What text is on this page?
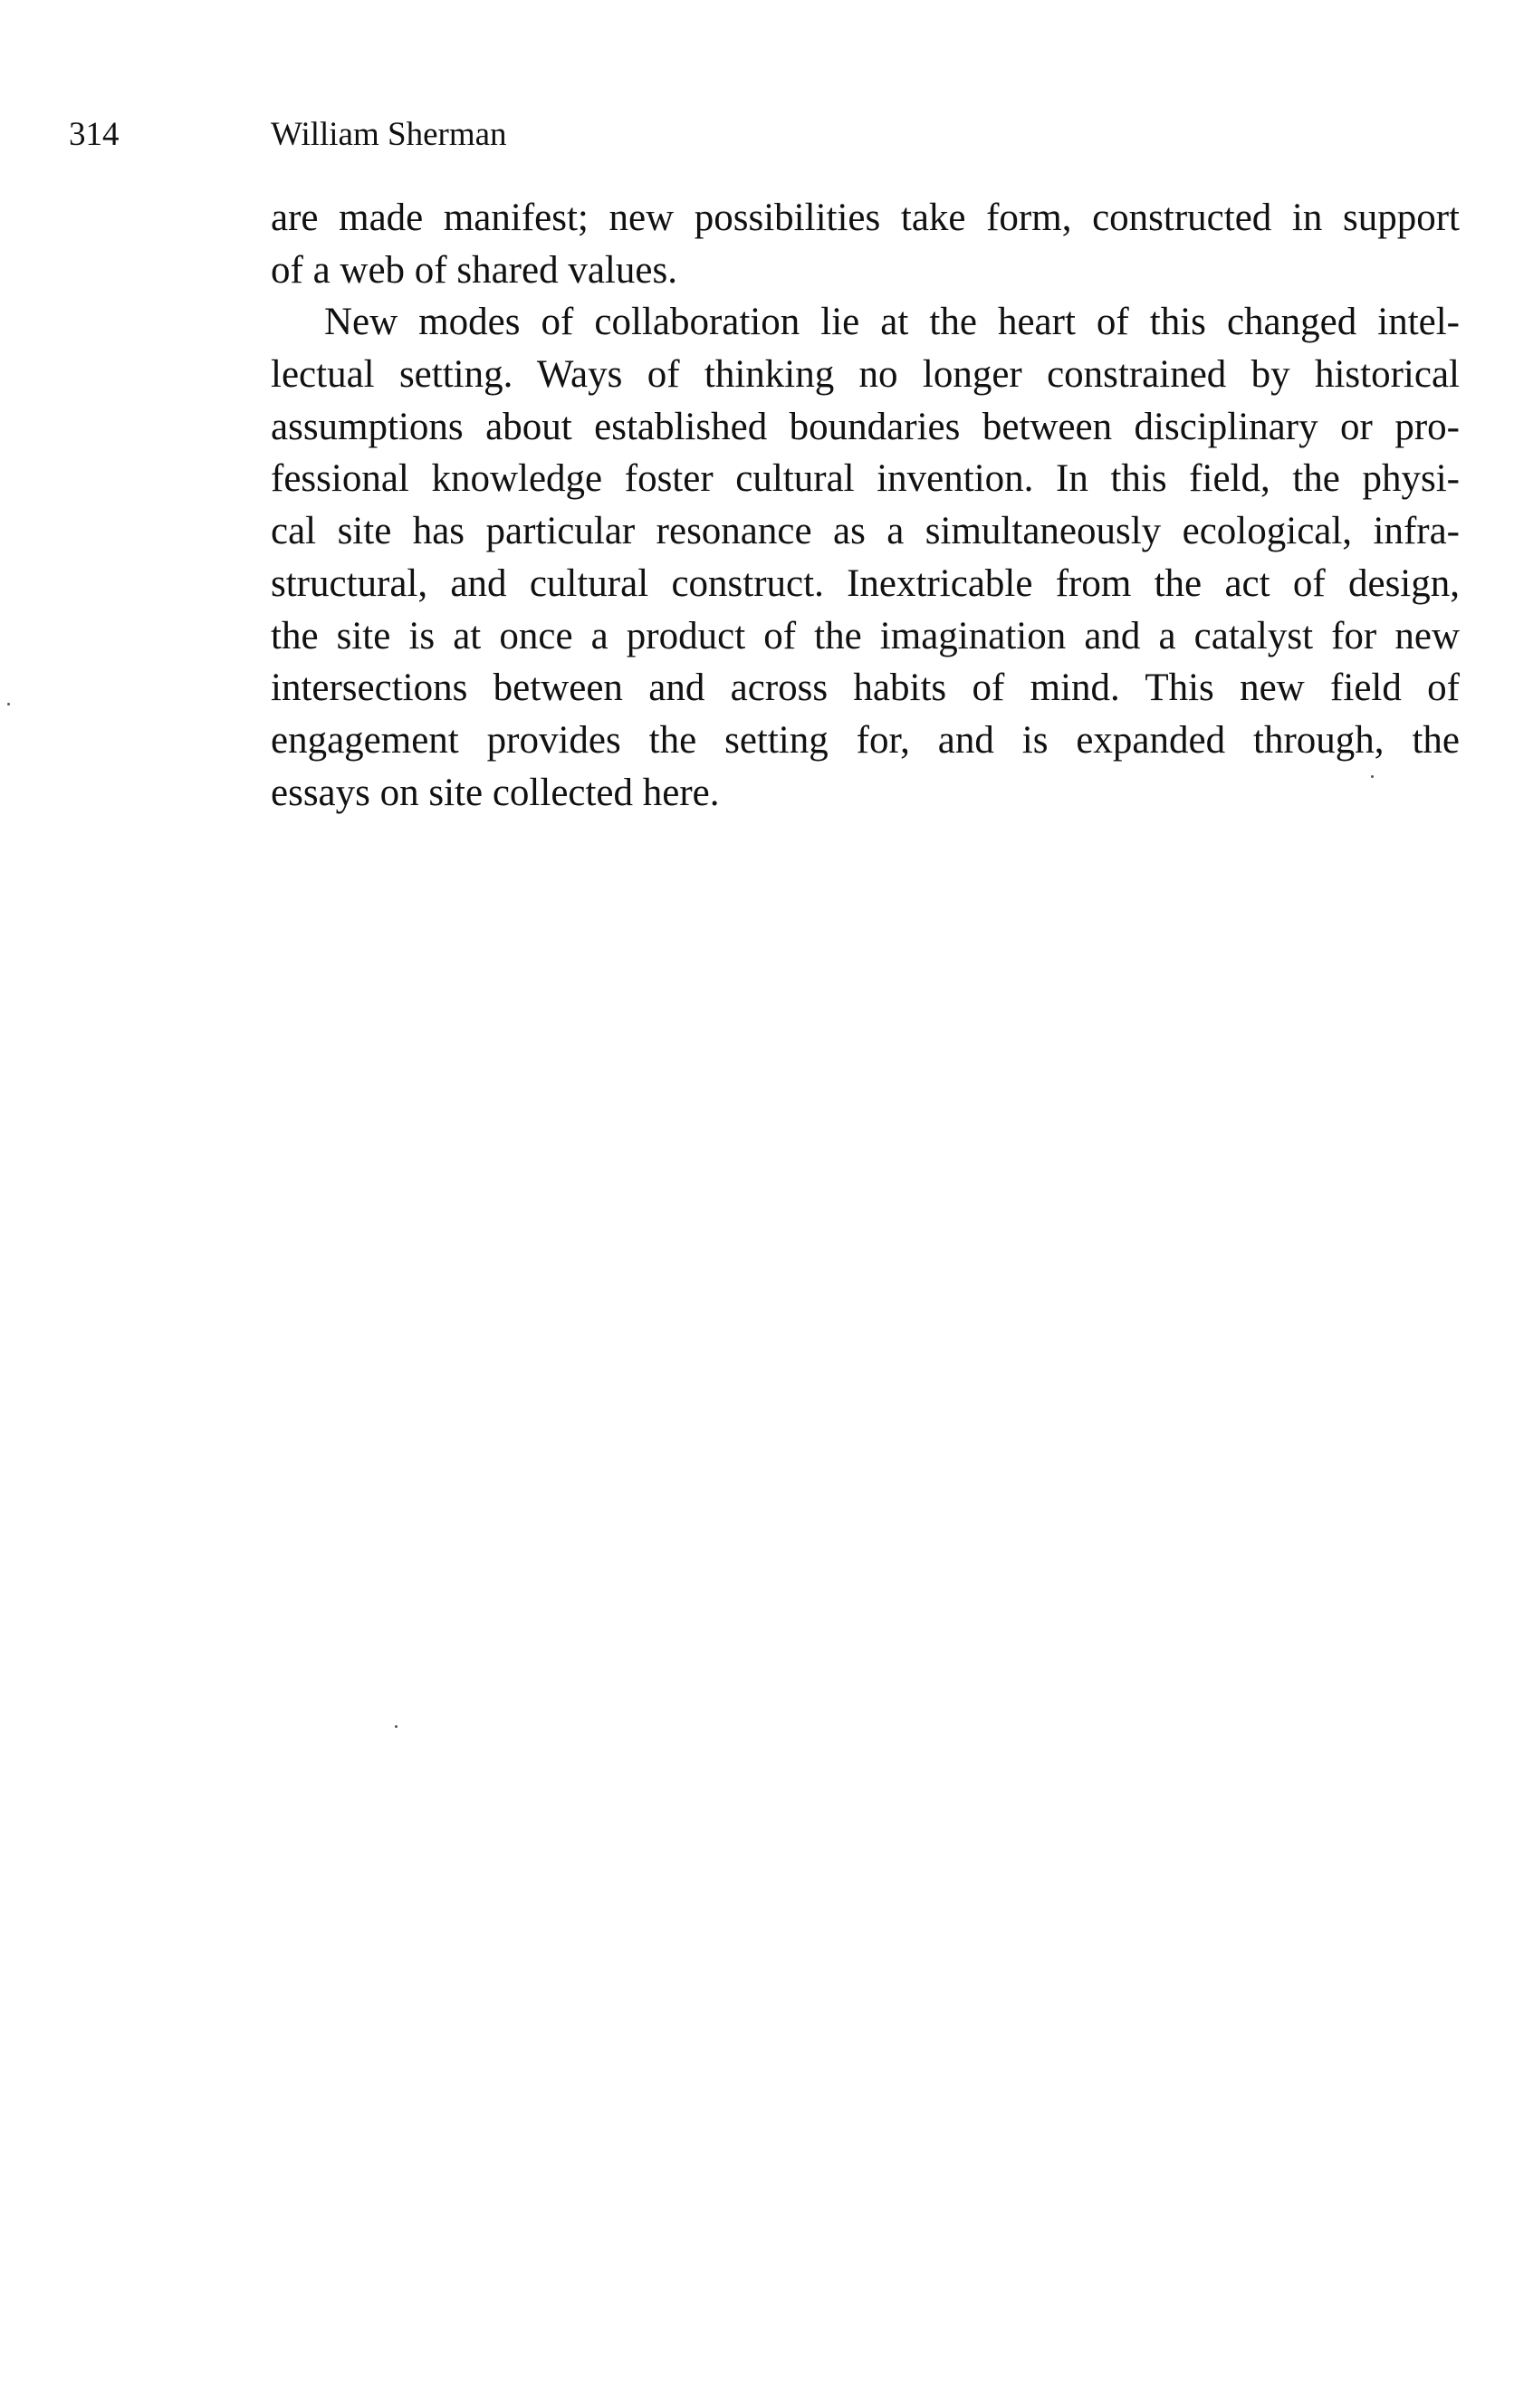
314	William Sherman
are made manifest; new possibilities take form, constructed in support
of a web of shared values.
New modes of collaboration lie at the heart of this changed intel-
lectual setting. Ways of thinking no longer constrained by historical
assumptions about established boundaries between disciplinary or pro-
fessional knowledge foster cultural invention. In this field, the physi-
cal site has particular resonance as a simultaneously ecological, infra-
structural, and cultural construct. Inextricable from the act of design,
the site is at once a product of the imagination and a catalyst for new
intersections between and across habits of mind. This new field of
engagement provides the setting for, and is expanded through, the
essays on site collected here.
